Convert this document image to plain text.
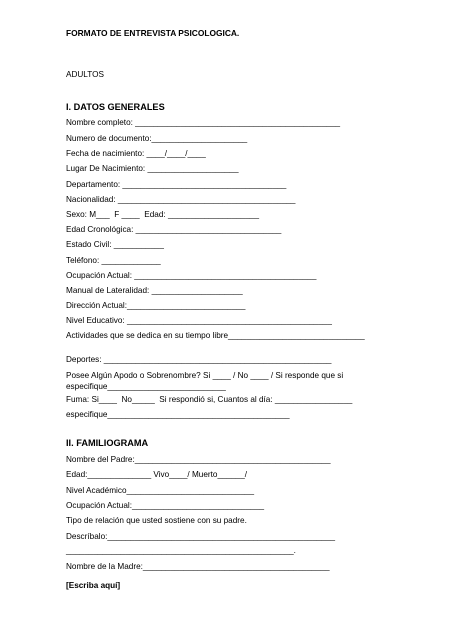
FORMATO DE ENTREVISTA PSICOLOGICA.
ADULTOS
I. DATOS GENERALES
Nombre completo: _____________________________________________
Numero de documento:_____________________
Fecha de nacimiento: ____/____/____
Lugar De Nacimiento: ____________________
Departamento: ____________________________________
Nacionalidad: _______________________________________
Sexo: M___  F ____  Edad: ____________________
Edad Cronológica: ________________________________
Estado Civil: ___________
Teléfono: _____________
Ocupación Actual: ________________________________________
Manual de Lateralidad: ____________________
Dirección Actual:__________________________
Nivel Educativo: _____________________________________________
Actividades que se dedica en su tiempo libre______________________________
Deportes: __________________________________________________
Posee Algún Apodo o Sobrenombre? Si ____ / No ____ / Si responde que si
especifique__________________________
Fuma: Si____  No_____  Si respondió si, Cuantos al día: _________________
especifique________________________________________
II. FAMILIOGRAMA
Nombre del Padre:___________________________________________
Edad:______________ Vivo____/ Muerto______/
Nivel Académico____________________________
Ocupación Actual:_____________________________
Tipo de relación que usted sostiene con su padre.
Descríbalo:__________________________________________________
__________________________________________________.
Nombre de la Madre:_________________________________________
[Escriba aquí]
